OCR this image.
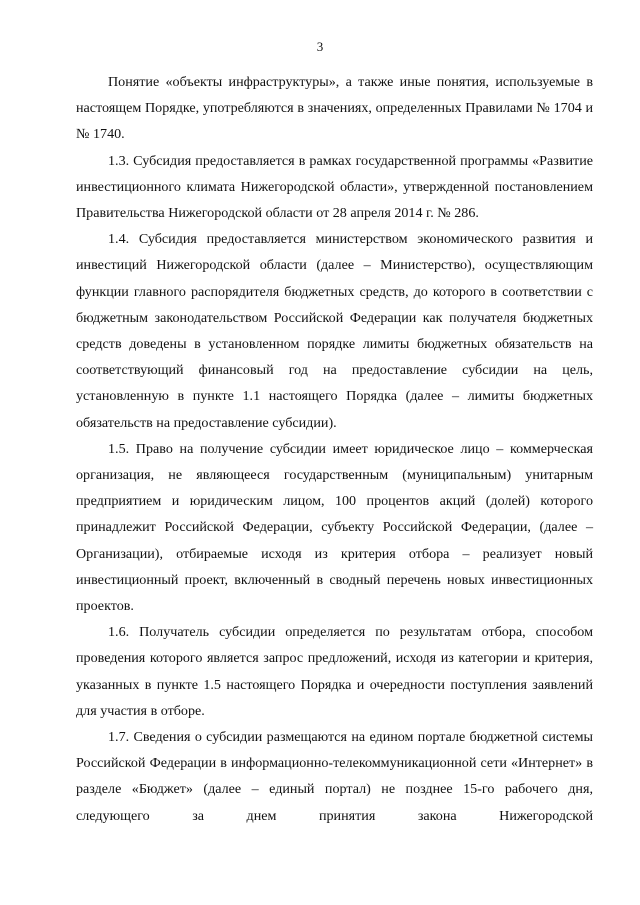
3

Понятие «объекты инфраструктуры», а также иные понятия, используемые в настоящем Порядке, употребляются в значениях, определенных Правилами № 1704 и № 1740.

1.3. Субсидия предоставляется в рамках государственной программы «Развитие инвестиционного климата Нижегородской области», утвержденной постановлением Правительства Нижегородской области от 28 апреля 2014 г. № 286.

1.4. Субсидия предоставляется министерством экономического развития и инвестиций Нижегородской области (далее – Министерство), осуществляющим функции главного распорядителя бюджетных средств, до которого в соответствии с бюджетным законодательством Российской Федерации как получателя бюджетных средств доведены в установленном порядке лимиты бюджетных обязательств на соответствующий финансовый год на предоставление субсидии на цель, установленную в пункте 1.1 настоящего Порядка (далее – лимиты бюджетных обязательств на предоставление субсидии).

1.5. Право на получение субсидии имеет юридическое лицо – коммерческая организация, не являющееся государственным (муниципальным) унитарным предприятием и юридическим лицом, 100 процентов акций (долей) которого принадлежит Российской Федерации, субъекту Российской Федерации, (далее – Организации), отбираемые исходя из критерия отбора – реализует новый инвестиционный проект, включенный в сводный перечень новых инвестиционных проектов.

1.6. Получатель субсидии определяется по результатам отбора, способом проведения которого является запрос предложений, исходя из категории и критерия, указанных в пункте 1.5 настоящего Порядка и очередности поступления заявлений для участия в отборе.

1.7. Сведения о субсидии размещаются на едином портале бюджетной системы Российской Федерации в информационно-телекоммуникационной сети «Интернет» в разделе «Бюджет» (далее – единый портал) не позднее 15-го рабочего дня, следующего за днем принятия закона Нижегородской
